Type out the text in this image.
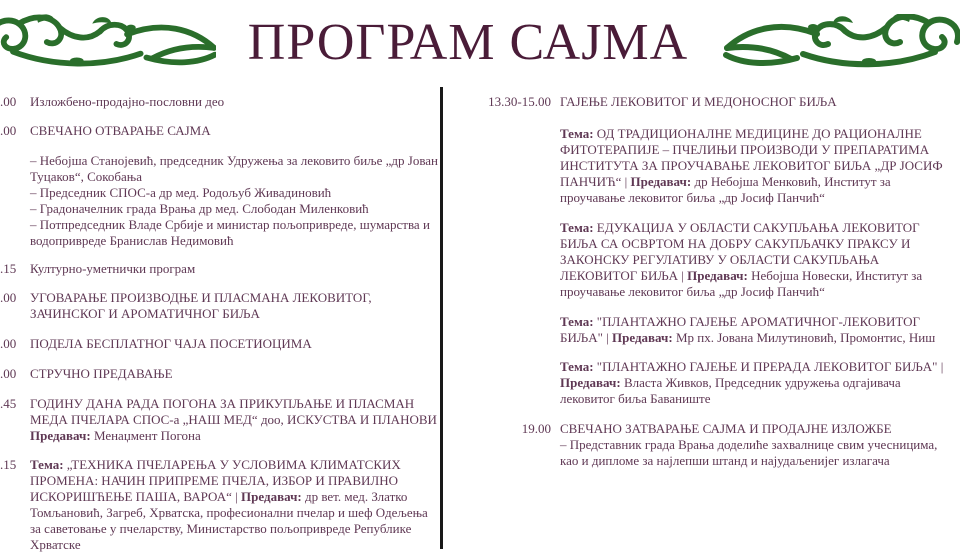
ПРОГРАМ САЈМА
.00	Изложбено-продајно-пословни део
.00	СВЕЧАНО ОТВАРАЊЕ САЈМА
– Небојша Станојевић, председник Удружења за лековито биље „др Јован Туцаков“, Сокобања
– Председник СПОС-а др мед. Родољуб Живадиновић
– Градоначелник града Врања др мед. Слободан Миленковић
– Потпредседник Владе Србије и министар пољопривреде, шумарства и водопривреде Бранислав Недимовић
.15	Културно-уметнички програм
.00	УГОВАРАЊЕ ПРОИЗВОДЊЕ И ПЛАСМАНА ЛЕКОВИТОГ, ЗАЧИНСКОГ И АРОМАТИЧНОГ БИЉА
.00	ПОДЕЛА БЕСПЛАТНОГ ЧАЈА ПОСЕТИОЦИМА
.00	СТРУЧНО ПРЕДАВАЊЕ
.45	ГОДИНУ ДАНА РАДА ПОГОНА ЗА ПРИКУПЉАЊЕ И ПЛАСМАН МЕДА ПЧЕЛАРА СПОС-а „НАШ МЕД“ доо, ИСКУСТВА И ПЛАНОВИ Предавач: Менаџмент Погона
.15	Тема: „ТЕХНИКА ПЧЕЛАРЕЊА У УСЛОВИМА КЛИМАТСКИХ ПРОМЕНА: НАЧИН ПРИПРЕМЕ ПЧЕЛА, ИЗБОР И ПРАВИЛНО ИСКОРИШЋЕЊЕ ПАША, ВАРОА“ | Предавач: др вет. мед. Златко Томљановић, Загреб, Хрватска, професионални пчелар и шеф Одељења за саветовање у пчеларству, Министарство пољопривреде Републике Хрватске
13.30-15.00 ГАЈЕЊЕ ЛЕКОВИТОГ И МЕДОНОСНОГ БИЉА
Тема: ОД ТРАДИЦИОНАЛНЕ МЕДИЦИНЕ ДО РАЦИОНАЛНЕ ФИТОТЕРАПИЈЕ – ПЧЕЛИЊИ ПРОИЗВОДИ У ПРЕПАРАТИМА ИНСТИТУТА ЗА ПРОУЧАВАЊЕ ЛЕКОВИТОГ БИЉА „ДР ЈОСИФ ПАНЧИЋ“ | Предавач: др Небојша Менковић, Институт за проучавање лековитог биља „др Јосиф Панчић“
Тема: ЕДУКАЦИЈА У ОБЛАСТИ САКУПЉАЊА ЛЕКОВИТОГ БИЉА СА ОСВРТОМ НА ДОБРУ САКУПЉАЧКУ ПРАКСУ И ЗАКОНСКУ РЕГУЛАТИВУ У ОБЛАСТИ САКУПЉАЊА ЛЕКОВИТОГ БИЉА | Предавач: Небојша Новески, Институт за проучавање лековитог биља „др Јосиф Панчић“
Тема: "ПЛАНТАЖНО ГАЈЕЊЕ АРОМАТИЧНОГ-ЛЕКОВИТОГ БИЉА" | Предавач: Мр пх. Јована Милутиновић, Промонтис, Ниш
Тема: "ПЛАНТАЖНО ГАЈЕЊЕ И ПРЕРАДА ЛЕКОВИТОГ БИЉА" | Предавач: Власта Живков, Председник удружења одгајивача лековитог биља Баваниште
19.00 СВЕЧАНО ЗАТВАРАЊЕ САЈМА И ПРОДАЈНЕ ИЗЛОЖБЕ
– Представник града Врања доделиће захвалнице свим учесницима, као и дипломе за најлепши штанд и најудаљенијег излагача
